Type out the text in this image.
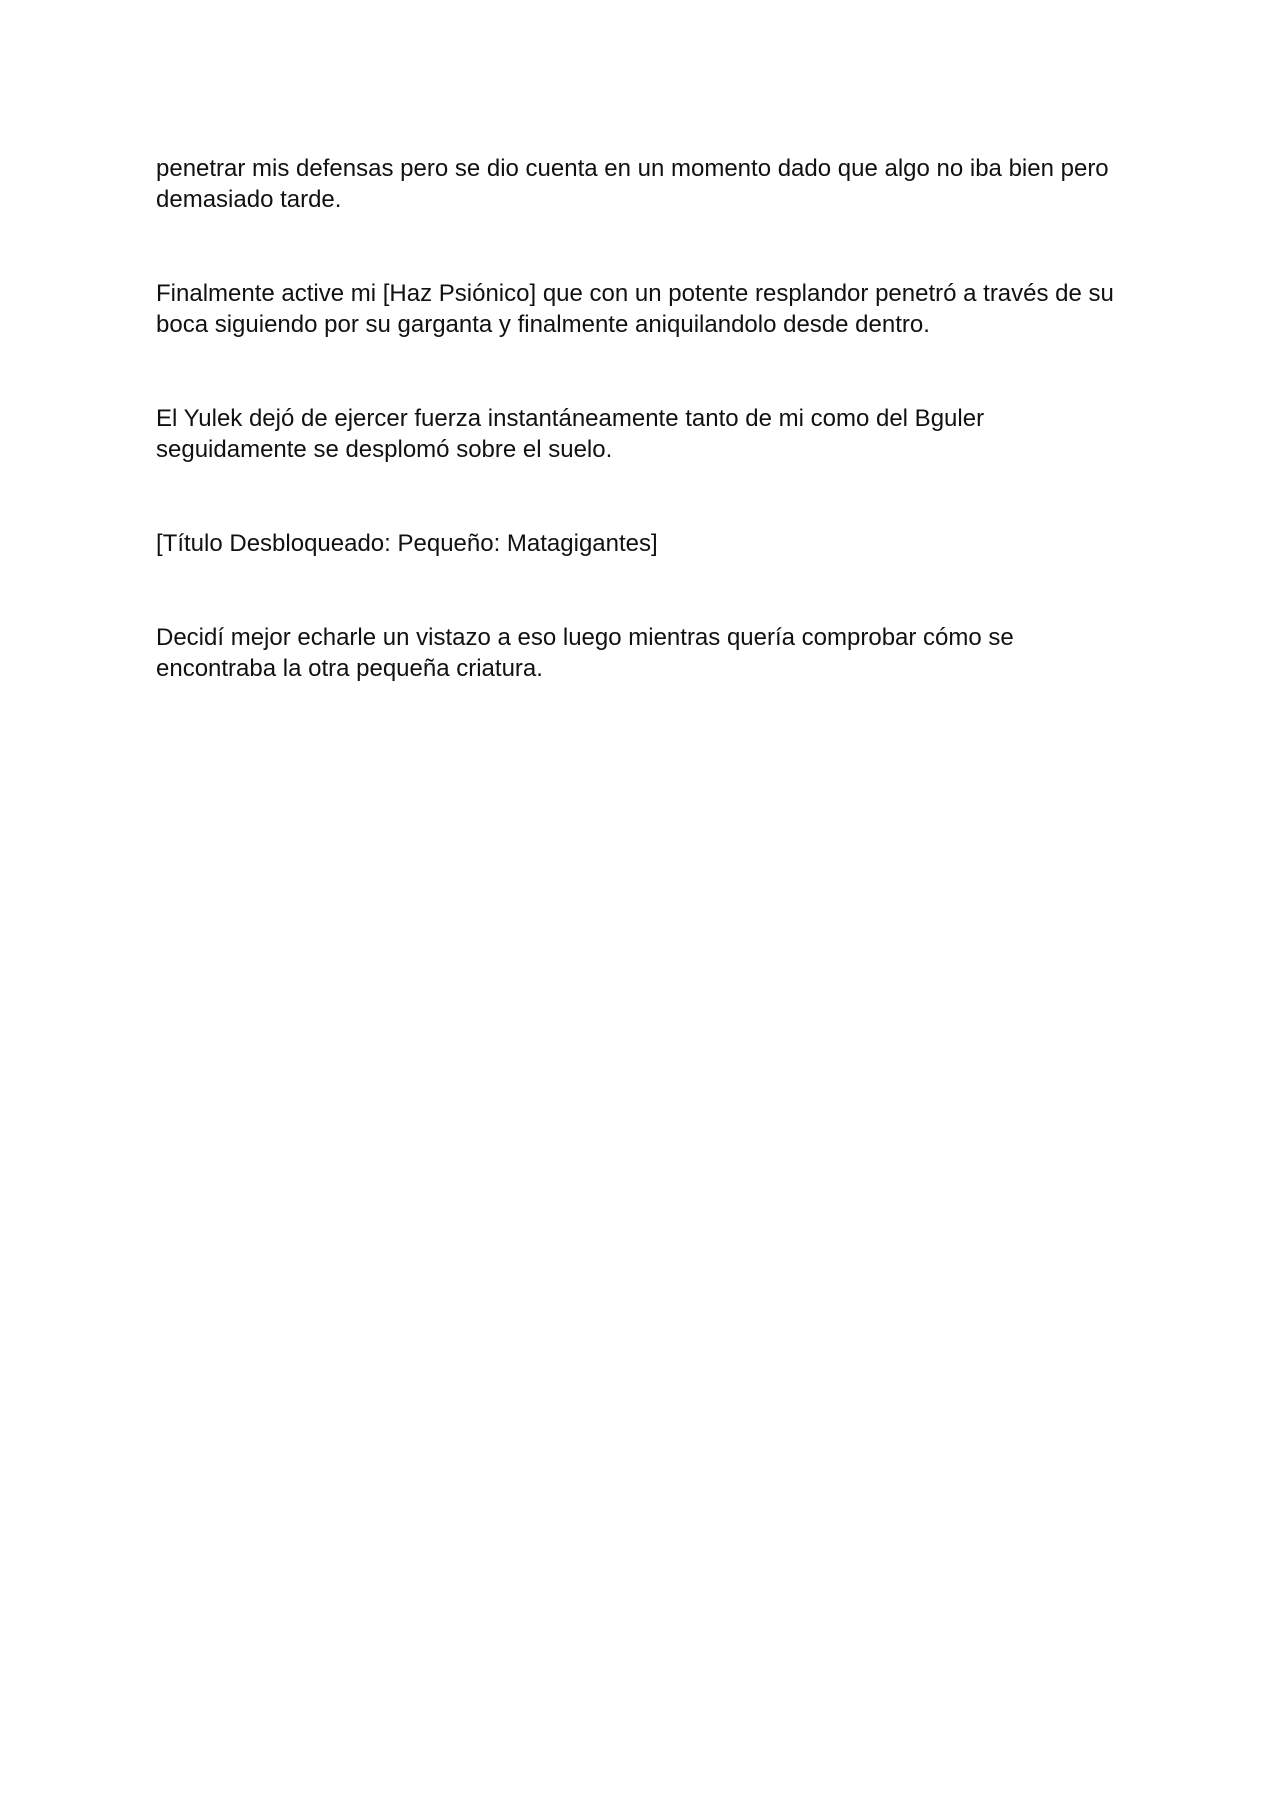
penetrar mis defensas pero se dio cuenta en un momento dado que algo no iba bien pero demasiado tarde.

Finalmente active mi [Haz Psiónico] que con un potente resplandor penetró a través de su boca siguiendo por su garganta y finalmente aniquilandolo desde dentro.

El Yulek dejó de ejercer fuerza instantáneamente tanto de mi como del Bguler seguidamente se desplomó sobre el suelo.

[Título Desbloqueado: Pequeño: Matagigantes]

Decidí mejor echarle un vistazo a eso luego mientras quería comprobar cómo se encontraba la otra pequeña criatura.
